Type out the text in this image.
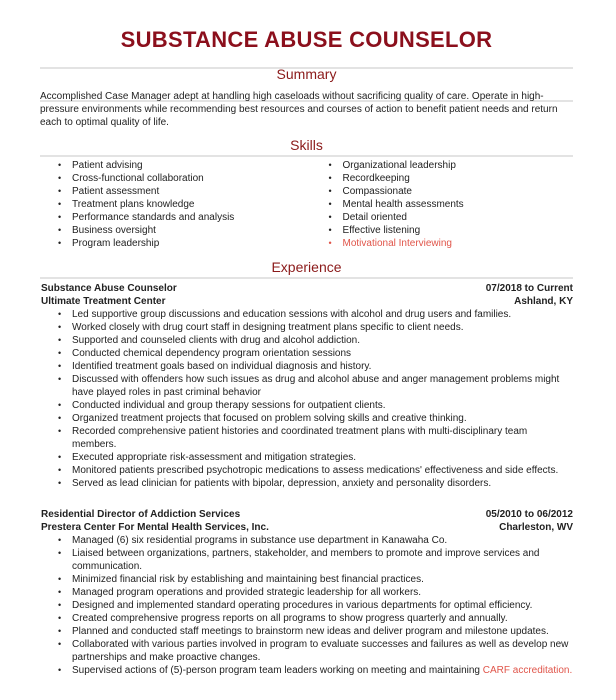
SUBSTANCE ABUSE COUNSELOR
Summary
Accomplished Case Manager adept at handling high caseloads without sacrificing quality of care. Operate in high-pressure environments while recommending best resources and courses of action to benefit patient needs and return each to optimal quality of life.
Skills
• Patient advising
• Cross-functional collaboration
• Patient assessment
• Treatment plans knowledge
• Performance standards and analysis
• Business oversight
• Program leadership
• Organizational leadership
• Recordkeeping
• Compassionate
• Mental health assessments
• Detail oriented
• Effective listening
• Motivational Interviewing
Experience
Substance Abuse Counselor	07/2018 to Current
Ultimate Treatment Center	Ashland, KY
• Led supportive group discussions and education sessions with alcohol and drug users and families.
• Worked closely with drug court staff in designing treatment plans specific to client needs.
• Supported and counseled clients with drug and alcohol addiction.
• Conducted chemical dependency program orientation sessions
• Identified treatment goals based on individual diagnosis and history.
• Discussed with offenders how such issues as drug and alcohol abuse and anger management problems might have played roles in past criminal behavior
• Conducted individual and group therapy sessions for outpatient clients.
• Organized treatment projects that focused on problem solving skills and creative thinking.
• Recorded comprehensive patient histories and coordinated treatment plans with multi-disciplinary team members.
• Executed appropriate risk-assessment and mitigation strategies.
• Monitored patients prescribed psychotropic medications to assess medications' effectiveness and side effects.
• Served as lead clinician for patients with bipolar, depression, anxiety and personality disorders.
Residential Director of Addiction Services	05/2010 to 06/2012
Prestera Center For Mental Health Services, Inc.	Charleston, WV
• Managed (6) six residential programs in substance use department in Kanawaha Co.
• Liaised between organizations, partners, stakeholder, and members to promote and improve services and communication.
• Minimized financial risk by establishing and maintaining best financial practices.
• Managed program operations and provided strategic leadership for all workers.
• Designed and implemented standard operating procedures in various departments for optimal efficiency.
• Created comprehensive progress reports on all programs to show progress quarterly and annually.
• Planned and conducted staff meetings to brainstorm new ideas and deliver program and milestone updates.
• Collaborated with various parties involved in program to evaluate successes and failures as well as develop new partnerships and make proactive changes.
• Supervised actions of (5)-person program team leaders working on meeting and maintaining CARF accreditation.
